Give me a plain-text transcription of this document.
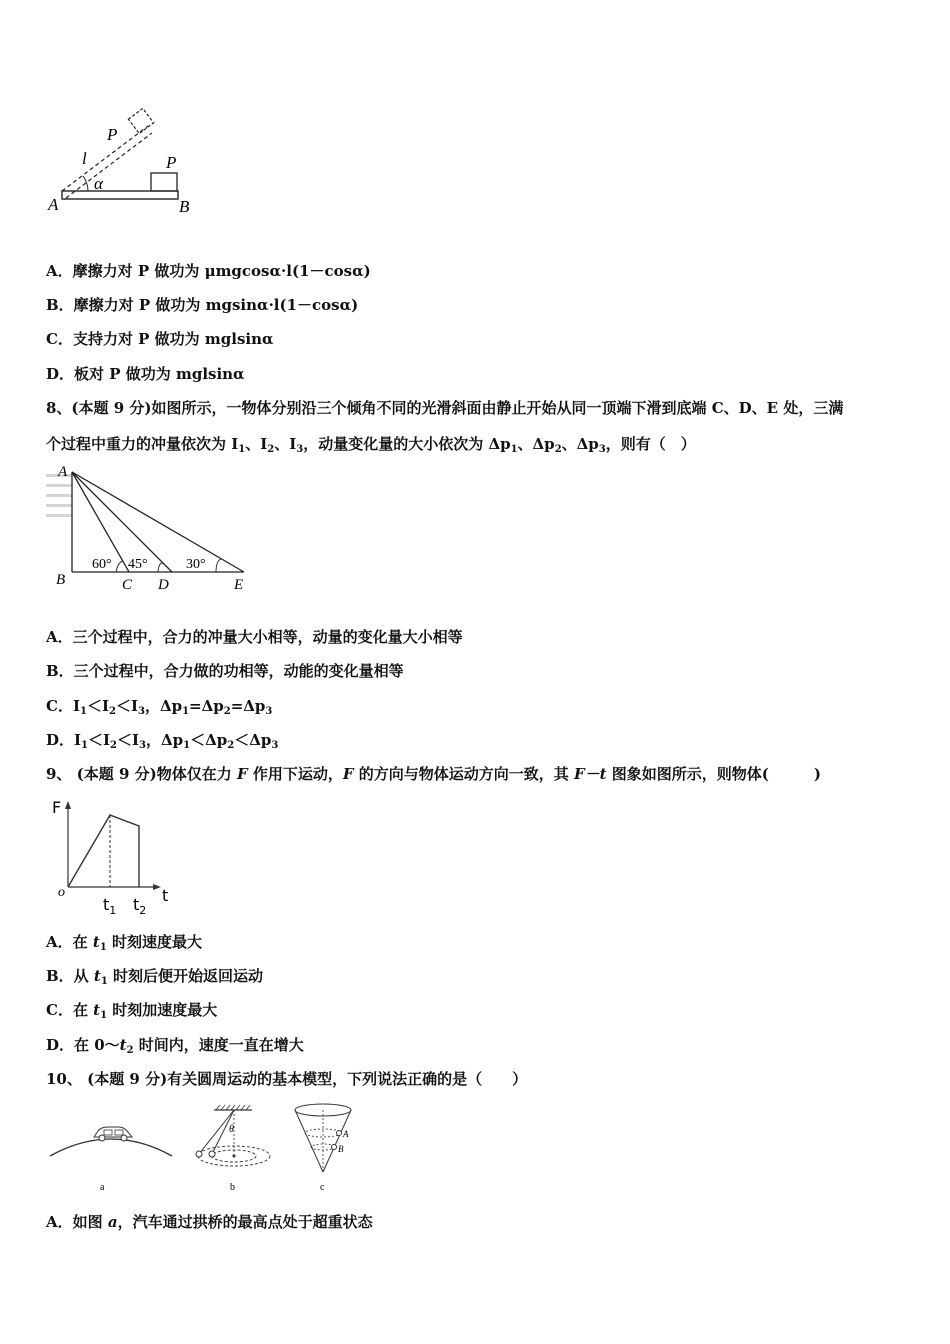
P
l	P
α
A	B
A．摩擦力对 P 做功为 μmgcosα·l(1－cosα)
B．摩擦力对 P 做功为 mgsinα·l(1－cosα)
C．支持力对 P 做功为 mglsinα
D．板对 P 做功为 mglsinα
8、(本题 9 分)如图所示，一物体分别沿三个倾角不同的光滑斜面由静止开始从同一顶端下滑到底端 C、D、E 处，三满
个过程中重力的冲量依次为 $I_1$、$I_2$、$I_3$，动量变化量的大小依次为 $\Delta p_1$、$\Delta p_2$、$\Delta p_3$，则有（　）
A
B	C D	E
60° 45°	30°
A．三个过程中，合力的冲量大小相等，动量的变化量大小相等
B．三个过程中，合力做的功相等，动能的变化量相等
C．$I_1<I_2<I_3$，$\Delta p_1=\Delta p_2=\Delta p_3$
D．$I_1<I_2<I_3$，$\Delta p_1<\Delta p_2<\Delta p_3$
9、 (本题 9 分)物体仅在力 F 作用下运动，F 的方向与物体运动方向一致，其 F－t 图象如图所示，则物体(　　　)
F
o	t
$t_1$ $t_2$
A．在 $t_1$ 时刻速度最大
B．从 $t_1$ 时刻后便开始返回运动
C．在 $t_1$ 时刻加速度最大
D．在 $0\sim t_2$ 时间内，速度一直在增大
10、 (本题 9 分)有关圆周运动的基本模型，下列说法正确的是（　　）
a
θ
b
A
B
c
A．如图 a，汽车通过拱桥的最高点处于超重状态
